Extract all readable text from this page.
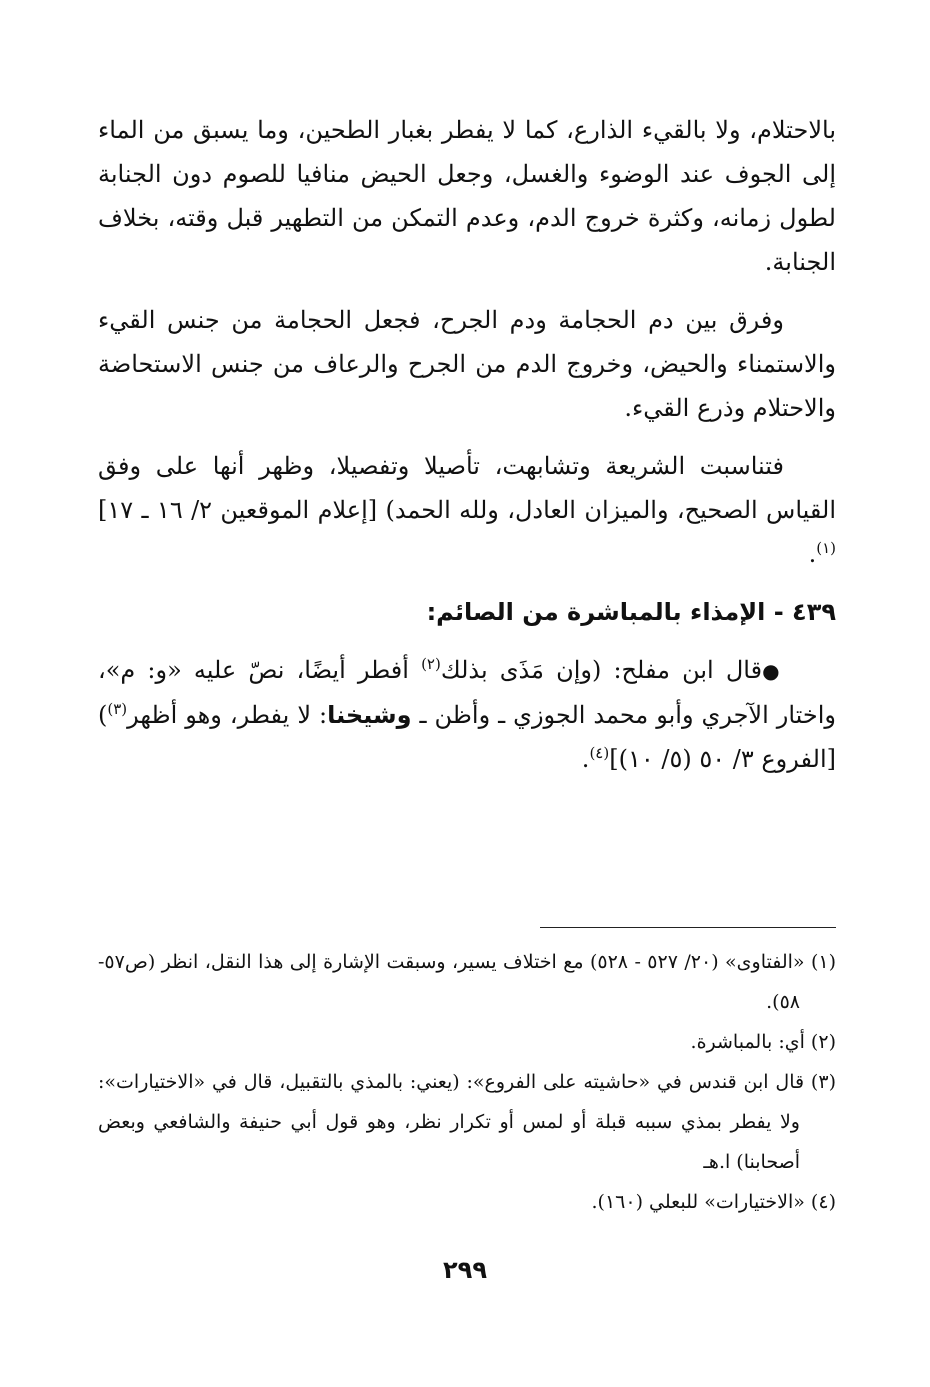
بالاحتلام، ولا بالقيء الذارع، كما لا يفطر بغبار الطحين، وما يسبق من الماء إلى الجوف عند الوضوء والغسل، وجعل الحيض منافيا للصوم دون الجنابة لطول زمانه، وكثرة خروج الدم، وعدم التمكن من التطهير قبل وقته، بخلاف الجنابة.

وفرق بين دم الحجامة ودم الجرح، فجعل الحجامة من جنس القيء والاستمناء والحيض، وخروج الدم من الجرح والرعاف من جنس الاستحاضة والاحتلام وذرع القيء.

فتناسبت الشريعة وتشابهت، تأصيلا وتفصيلا، وظهر أنها على وفق القياس الصحيح، والميزان العادل، ولله الحمد) [إعلام الموقعين ٢/ ١٦ ـ ١٧]$^{(١)}$.

٤٣٩ - الإمذاء بالمباشرة من الصائم:

●قال ابن مفلح: (وإن مَذَى بذلك$^{(٢)}$ أفطر أيضًا، نصّ عليه «و: م»، واختار الآجري وأبو محمد الجوزي ـ وأظن ـ وشيخنا: لا يفطر، وهو أظهر$^{(٣)}$) [الفروع ٣/ ٥٠ (٥/ ١٠)]$^{(٤)}$.

(١) «الفتاوى» (٢٠/ ٥٢٧ - ٥٢٨) مع اختلاف يسير، وسبقت الإشارة إلى هذا النقل، انظر (ص٥٧- ٥٨).

(٢) أي: بالمباشرة.

(٣) قال ابن قندس في «حاشيته على الفروع»: (يعني: بالمذي بالتقبيل، قال في «الاختيارات»: ولا يفطر بمذي سببه قبلة أو لمس أو تكرار نظر، وهو قول أبي حنيفة والشافعي وبعض أصحابنا) ا.هـ

(٤) «الاختيارات» للبعلي (١٦٠).

٢٩٩
